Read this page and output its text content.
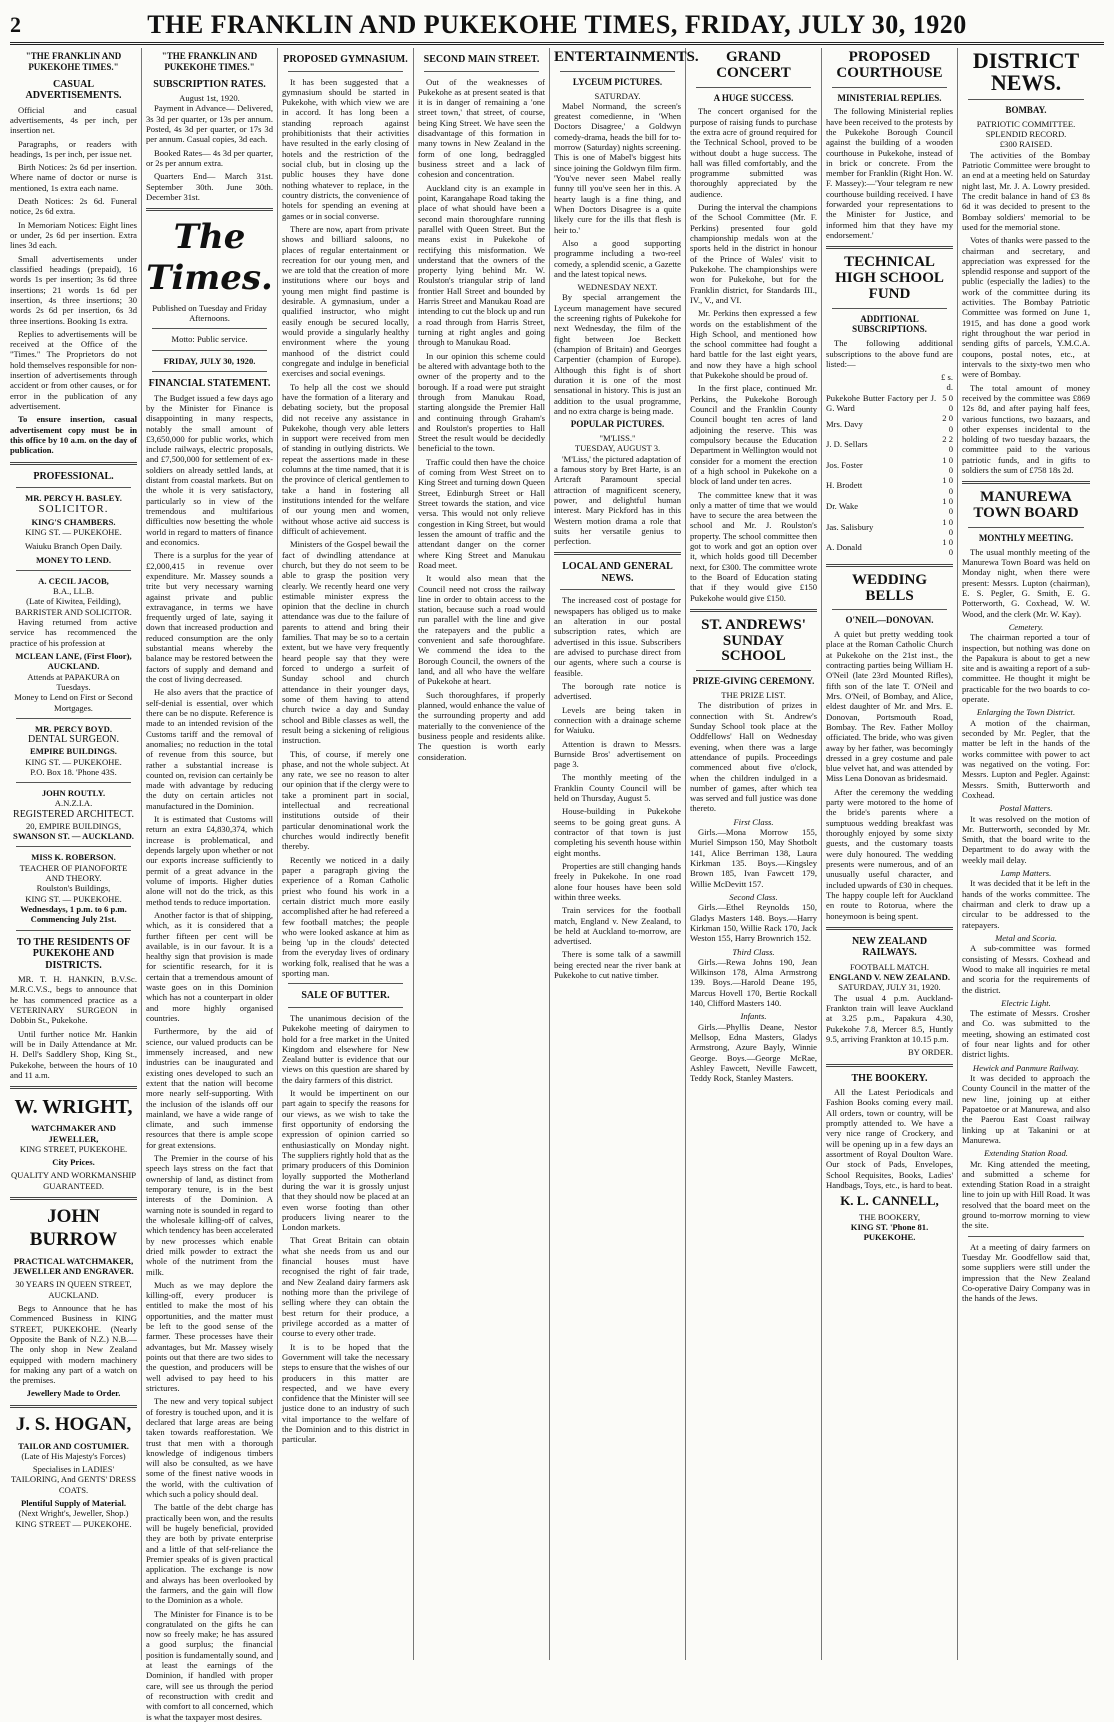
2	THE FRANKLIN AND PUKEKOHE TIMES, FRIDAY, JULY 30, 1920
"THE FRANKLIN AND PUKEKOHE TIMES."
CASUAL ADVERTISEMENTS.

Official and casual advertisements, 4s per inch, per insertion net.

Paragraphs, or readers with headings, 1s per inch, per issue net.

Birth Notices: 2s 6d per insertion. Where name of doctor or nurse is mentioned, 1s extra each name.

Death Notices: 2s 6d. Funeral notice, 2s 6d extra.

In Memoriam Notices: Eight lines or under, 2s 6d per insertion. Extra lines 3d each.

Small advertisements under classified headings (prepaid), 16 words 1s per insertion; 3s 6d three insertions; 21 words 1s 6d per insertion, 4s three insertions; 30 words 2s 6d per insertion, 6s 3d three insertions. Booking 1s extra.

Replies to advertisements will be received at the Office of the "Times." The Proprietors do not hold themselves responsible for non-insertion of advertisements through accident or from other causes, or for error in the publication of any advertisement.

To ensure insertion, casual advertisement copy must be in this office by 10 a.m. on the day of publication.

PROFESSIONAL.
MR. PERCY H. BASLEY.
SOLICITOR.
KING'S CHAMBERS.
KING ST. — PUKEKOHE.
Waiuku Branch Open Daily.
MONEY TO LEND.
A. CECIL JACOB,
B.A., LL.B.
(Late of Kiwitea, Feilding),
BARRISTER AND SOLICITOR.
Having returned from active service has recommenced the practice of his profession at
MCLEAN LANE, (First Floor), AUCKLAND.
Attends at PAPAKURA on Tuesdays.
Money to Lend on First or Second Mortgages.
MR. PERCY BOYD.
DENTAL SURGEON.
EMPIRE BUILDINGS.
KING ST. — PUKEKOHE.
P.O. Box 18. 'Phone 43S.
JOHN ROUTLY.
A.N.Z.I.A.
REGISTERED ARCHITECT.
20, EMPIRE BUILDINGS,
SWANSON ST. — AUCKLAND.
MISS K. ROBERSON.
TEACHER OF PIANOFORTE AND THEORY.
Roulston's Buildings,
KING ST. — PUKEKOHE.
Wednesdays, 1 p.m. to 6 p.m. Commencing July 21st.
TO THE RESIDENTS OF PUKEKOHE AND DISTRICTS.

MR. T. H. HANKIN, B.V.Sc. M.R.C.V.S., begs to announce that he has commenced practice as a VETERINARY SURGEON in Dobbin St., Pukekohe.

Until further notice Mr. Hankin will be in Daily Attendance at Mr. H. Dell's Saddlery Shop, King St., Pukekohe, between the hours of 10 and 11 a.m.

W. WRIGHT,
WATCHMAKER AND JEWELLER,
KING STREET, PUKEKOHE.
City Prices.
QUALITY AND WORKMANSHIP GUARANTEED.
JOHN BURROW
PRACTICAL WATCHMAKER, JEWELLER AND ENGRAVER.
30 YEARS IN QUEEN STREET, AUCKLAND.
Begs to Announce that he has Commenced Business in KING STREET, PUKEKOHE. (Nearly Opposite the Bank of N.Z.) N.B.—The only shop in New Zealand equipped with modern machinery for making any part of a watch on the premises.
Jewellery Made to Order.
J. S. HOGAN,
TAILOR AND COSTUMIER.
(Late of His Majesty's Forces)
Specialises in LADIES' TAILORING, And GENTS' DRESS COATS.
Plentiful Supply of Material.
(Next Wright's, Jeweller, Shop.) KING STREET — PUKEKOHE.
"THE FRANKLIN AND PUKEKOHE TIMES."
SUBSCRIPTION RATES.
August 1st, 1920.

Payment in Advance— Delivered, 3s 3d per quarter, or 13s per annum. Posted, 4s 3d per quarter, or 17s 3d per annum. Casual copies, 3d each.

Booked Rates— 4s 3d per quarter, or 2s per annum extra.

Quarters End— March 31st. September 30th. June 30th. December 31st.

The Times.
Published on Tuesday and Friday Afternoons.
Motto: Public service.
FRIDAY, JULY 30, 1920.
FINANCIAL STATEMENT.

The Budget issued a few days ago by the Minister for Finance is disappointing in many respects, notably the small amount of £3,650,000 for public works, which include railways, electric proposals, and £7,500,000 for settlement of ex-soldiers on already settled lands, at distant from coastal markets. But on the whole it is very satisfactory, particularly so in view of the tremendous and multifarious difficulties now besetting the whole world in regard to matters of finance and economics.

There is a surplus for the year of £2,000,415 in revenue over expenditure. Mr. Massey sounds a trite but very necessary warning against private and public extravagance, in terms we have frequently urged of late, saying it down that increased production and reduced consumption are the only substantial means whereby the balance may be restored between the factors of supply and demand and the cost of living decreased.

He also avers that the practice of self-denial is essential, over which there can be no dispute. Reference is made to an intended revision of the Customs tariff and the removal of anomalies; no reduction in the total of revenue from this source, but rather a substantial increase is counted on, revision can certainly be made with advantage by reducing the duty on certain articles not manufactured in the Dominion.

It is estimated that Customs will return an extra £4,830,374, which increase is problematical, and depends largely upon whether or not our exports increase sufficiently to permit of a great advance in the volume of imports. Higher duties alone will not do the trick, as this method tends to reduce importation.

Another factor is that of shipping, which, as it is considered that a further fifteen per cent will be available, is in our favour. It is a healthy sign that provision is made for scientific research, for it is certain that a tremendous amount of waste goes on in this Dominion which has not a counterpart in older and more highly organised countries.

Furthermore, by the aid of science, our valued products can be immensely increased, and new industries can be inaugurated and existing ones developed to such an extent that the nation will become more nearly self-supporting. With the inclusion of the islands off our mainland, we have a wide range of climate, and such immense resources that there is ample scope for great extensions.

The Premier in the course of his speech lays stress on the fact that ownership of land, as distinct from temporary tenure, is in the best interests of the Dominion. A warning note is sounded in regard to the wholesale killing-off of calves, which tendency has been accelerated by new processes which enable dried milk powder to extract the whole of the nutriment from the milk.

Much as we may deplore the killing-off, every producer is entitled to make the most of his opportunities, and the matter must be left to the good sense of the farmer. These processes have their advantages, but Mr. Massey wisely points out that there are two sides to the question, and producers will be well advised to pay heed to his strictures.

The new and very topical subject of forestry is touched upon, and it is declared that large areas are being taken towards reafforestation. We trust that men with a thorough knowledge of indigenous timbers will also be consulted, as we have some of the finest native woods in the world, with the cultivation of which such a policy should deal.

The battle of the debt charge has practically been won, and the results will be hugely beneficial, provided they are both by private enterprise and a little of that self-reliance the Premier speaks of is given practical application. The exchange is now and always has been overlooked by the farmers, and the gain will flow to the Dominion as a whole.

The Minister for Finance is to be congratulated on the gifts he can now so freely make; he has assured a good surplus; the financial position is fundamentally sound, and at least the earnings of the Dominion, if handled with proper care, will see us through the period of reconstruction with credit and with comfort to all concerned, which is what the taxpayer most desires.

PROPOSED GYMNASIUM.

It has been suggested that a gymnasium should be started in Pukekohe, with which view we are in accord. It has long been a standing reproach against prohibitionists that their activities have resulted in the early closing of hotels and the restriction of the social club, but in closing up the public houses they have done nothing whatever to replace, in the country districts, the convenience of hotels for spending an evening at games or in social converse.

There are now, apart from private shows and billiard saloons, no places of regular entertainment or recreation for our young men, and we are told that the creation of more institutions where our boys and young men might find pastime is desirable. A gymnasium, under a qualified instructor, who might easily enough be secured locally, would provide a singularly healthy environment where the young manhood of the district could congregate and indulge in beneficial exercises and social evenings.

To help all the cost we should have the formation of a literary and debating society, but the proposal did not receive any assistance in Pukekohe, though very able letters in support were received from men of standing in outlying districts. We repeat the assertions made in these columns at the time named, that it is the province of clerical gentlemen to take a hand in fostering all institutions intended for the welfare of our young men and women, without whose active aid success is difficult of achievement.

Ministers of the Gospel bewail the fact of dwindling attendance at church, but they do not seem to be able to grasp the position very clearly. We recently heard one very estimable minister express the opinion that the decline in church attendance was due to the failure of parents to attend and bring their families. That may be so to a certain extent, but we have very frequently heard people say that they were forced to undergo a surfeit of Sunday school and church attendance in their younger days, some of them having to attend church twice a day and Sunday school and Bible classes as well, the result being a sickening of religious instruction.

This, of course, if merely one phase, and not the whole subject. At any rate, we see no reason to alter our opinion that if the clergy were to take a prominent part in social, intellectual and recreational institutions outside of their particular denominational work the churches would indirectly benefit thereby.

Recently we noticed in a daily paper a paragraph giving the experience of a Roman Catholic priest who found his work in a certain district much more easily accomplished after he had refereed a few football matches; the people who were looked askance at him as being 'up in the clouds' detected from the everyday lives of ordinary working folk, realised that he was a sporting man.

SALE OF BUTTER.

The unanimous decision of the Pukekohe meeting of dairymen to hold for a free market in the United Kingdom and elsewhere for New Zealand butter is evidence that our views on this question are shared by the dairy farmers of this district.

It would be impertinent on our part again to specify the reasons for our views, as we wish to take the first opportunity of endorsing the expression of opinion carried so enthusiastically on Monday night. The suppliers rightly hold that as the primary producers of this Dominion loyally supported the Motherland during the war it is grossly unjust that they should now be placed at an even worse footing than other producers living nearer to the London markets.

That Great Britain can obtain what she needs from us and our financial houses must have recognised the right of fair trade, and New Zealand dairy farmers ask nothing more than the privilege of selling where they can obtain the best return for their produce, a privilege accorded as a matter of course to every other trade.

It is to be hoped that the Government will take the necessary steps to ensure that the wishes of our producers in this matter are respected, and we have every confidence that the Minister will see justice done to an industry of such vital importance to the welfare of the Dominion and to this district in particular.

SECOND MAIN STREET.

Out of the weaknesses of Pukekohe as at present seated is that it is in danger of remaining a 'one street town,' that street, of course, being King Street. We have seen the disadvantage of this formation in many towns in New Zealand in the form of one long, bedraggled business street and a lack of cohesion and concentration.

Auckland city is an example in point, Karangahape Road taking the place of what should have been a second main thoroughfare running parallel with Queen Street. But the means exist in Pukekohe of rectifying this misformation. We understand that the owners of the property lying behind Mr. W. Roulston's triangular strip of land frontier Hall Street and bounded by Harris Street and Manukau Road are intending to cut the block up and run a road through from Harris Street, turning at right angles and going through to Manukau Road.

In our opinion this scheme could be altered with advantage both to the owner of the property and to the borough. If a road were put straight through from Manukau Road, starting alongside the Premier Hall and continuing through Graham's and Roulston's properties to Hall Street the result would be decidedly beneficial to the town.

Traffic could then have the choice of coming from West Street on to King Street and turning down Queen Street, Edinburgh Street or Hall Street towards the station, and vice versa. This would not only relieve congestion in King Street, but would lessen the amount of traffic and the attendant danger on the corner where King Street and Manukau Road meet.

It would also mean that the Council need not cross the railway line in order to obtain access to the station, because such a road would run parallel with the line and give the ratepayers and the public a convenient and safe thoroughfare. We commend the idea to the Borough Council, the owners of the land, and all who have the welfare of Pukekohe at heart.

Such thoroughfares, if properly planned, would enhance the value of the surrounding property and add materially to the convenience of the business people and residents alike. The question is worth early consideration.

ENTERTAINMENTS.
LYCEUM PICTURES.
SATURDAY.

Mabel Normand, the screen's greatest comedienne, in 'When Doctors Disagree,' a Goldwyn comedy-drama, heads the bill for to-morrow (Saturday) nights screening. This is one of Mabel's biggest hits since joining the Goldwyn film firm. 'You've never seen Mabel really funny till you've seen her in this. A hearty laugh is a fine thing, and When Doctors Disagree is a quite likely cure for the ills that flesh is heir to.'

Also a good supporting programme including a two-reel comedy, a splendid scenic, a Gazette and the latest topical news.

WEDNESDAY NEXT.

By special arrangement the Lyceum management have secured the screening rights of Pukekohe for next Wednesday, the film of the fight between Joe Beckett (champion of Britain) and Georges Carpentier (champion of Europe). Although this fight is of short duration it is one of the most sensational in history. This is just an addition to the usual programme, and no extra charge is being made.

POPULAR PICTURES.
"M'LISS."
TUESDAY, AUGUST 3.

'M'Liss,' the pictured adaptation of a famous story by Bret Harte, is an Artcraft Paramount special attraction of magnificent scenery, power, and delightful human interest. Mary Pickford has in this Western motion drama a role that suits her versatile genius to perfection.

LOCAL AND GENERAL NEWS.

The increased cost of postage for newspapers has obliged us to make an alteration in our postal subscription rates, which are advertised in this issue. Subscribers are advised to purchase direct from our agents, where such a course is feasible.

The borough rate notice is advertised.

Levels are being taken in connection with a drainage scheme for Waiuku.

Attention is drawn to Messrs. Burnside Bros' advertisement on page 3.

The monthly meeting of the Franklin County Council will be held on Thursday, August 5.

House-building in Pukekohe seems to be going great guns. A contractor of that town is just completing his seventh house within eight months.

Properties are still changing hands freely in Pukekohe. In one road alone four houses have been sold within three weeks.

Train services for the football match, England v. New Zealand, to be held at Auckland to-morrow, are advertised.

There is some talk of a sawmill being erected near the river bank at Pukekohe to cut native timber.

GRAND CONCERT
A HUGE SUCCESS.

The concert organised for the purpose of raising funds to purchase the extra acre of ground required for the Technical School, proved to be without doubt a huge success. The hall was filled comfortably, and the programme submitted was thoroughly appreciated by the audience.

During the interval the champions of the School Committee (Mr. F. Perkins) presented four gold championship medals won at the sports held in the district in honour of the Prince of Wales' visit to Pukekohe. The championships were won for Pukekohe, but for the Franklin district, for Standards III., IV., V., and VI.

Mr. Perkins then expressed a few words on the establishment of the High School, and mentioned how the school committee had fought a hard battle for the last eight years, and now they have a high school that Pukekohe should be proud of.

In the first place, continued Mr. Perkins, the Pukekohe Borough Council and the Franklin County Council bought ten acres of land adjoining the reserve. This was compulsory because the Education Department in Wellington would not consider for a moment the erection of a high school in Pukekohe on a block of land under ten acres.

The committee knew that it was only a matter of time that we would have to secure the area between the school and Mr. J. Roulston's property. The school committee then got to work and got an option over it, which holds good till December next, for £300. The committee wrote to the Board of Education stating that if they would give £150 Pukekohe would give £150.

ST. ANDREWS' SUNDAY SCHOOL
PRIZE-GIVING CEREMONY.
THE PRIZE LIST.

The distribution of prizes in connection with St. Andrew's Sunday School took place at the Oddfellows' Hall on Wednesday evening, when there was a large attendance of pupils. Proceedings commenced about five o'clock, when the children indulged in a number of games, after which tea was served and full justice was done thereto.

First Class.

Girls.—Mona Morrow 155, Muriel Simpson 150, May Shotbolt 141, Alice Berriman 138, Laura Kirkman 135. Boys.—Kingsley Brown 185, Ivan Fawcett 179, Willie McDevitt 157.

Second Class.

Girls.—Ethel Reynolds 150, Gladys Masters 148. Boys.—Harry Kirkman 150, Willie Rack 170, Jack Weston 155, Harry Brownrich 152.

Third Class.

Girls.—Rewa Johns 190, Jean Wilkinson 178, Alma Armstrong 139. Boys.—Harold Deane 195, Marcus Hovell 170, Bertie Rockall 140, Clifford Masters 140.

Infants.

Girls.—Phyllis Deane, Nestor Mellsop, Edna Masters, Gladys Armstrong, Azure Bayly, Winnie George. Boys.—George McRae, Ashley Fawcett, Neville Fawcett, Teddy Rock, Stanley Masters.

PROPOSED COURTHOUSE
MINISTERIAL REPLIES.

The following Ministerial replies have been received to the protests by the Pukekohe Borough Council against the building of a wooden courthouse in Pukekohe, instead of in brick or concrete. From the member for Franklin (Right Hon. W. F. Massey):—'Your telegram re new courthouse building received. I have forwarded your representations to the Minister for Justice, and informed him that they have my endorsement.'

TECHNICAL HIGH SCHOOL FUND
ADDITIONAL SUBSCRIPTIONS.

The following additional subscriptions to the above fund are listed:—

	£ s. d.
Pukekohe Butter Factory per J. G. Ward	5 0 0
Mrs. Davy	2 0 0
J. D. Sellars	2 2 0
Jos. Foster	1 0 0
H. Brodett	1 0 0
Dr. Wake	1 0 0
Jas. Salisbury	1 0 0
A. Donald	1 0 0
WEDDING BELLS
O'NEIL—DONOVAN.

A quiet but pretty wedding took place at the Roman Catholic Church at Pukekohe on the 21st inst., the contracting parties being William H. O'Neil (late 23rd Mounted Rifles), fifth son of the late T. O'Neil and Mrs. O'Neil, of Bombay, and Alice, eldest daughter of Mr. and Mrs. E. Donovan, Portsmouth Road, Bombay. The Rev. Father Molloy officiated. The bride, who was given away by her father, was becomingly dressed in a grey costume and pale blue velvet hat, and was attended by Miss Lena Donovan as bridesmaid.

After the ceremony the wedding party were motored to the home of the bride's parents where a sumptuous wedding breakfast was thoroughly enjoyed by some sixty guests, and the customary toasts were duly honoured. The wedding presents were numerous, and of an unusually useful character, and included upwards of £30 in cheques. The happy couple left for Auckland en route to Rotorua, where the honeymoon is being spent.

NEW ZEALAND RAILWAYS.
FOOTBALL MATCH.
ENGLAND V. NEW ZEALAND.
SATURDAY, JULY 31, 1920.

The usual 4 p.m. Auckland-Frankton train will leave Auckland at 3.25 p.m., Papakura 4.30, Pukekohe 7.8, Mercer 8.5, Huntly 9.5, arriving Frankton at 10.15 p.m.

BY ORDER.
THE BOOKERY.

All the Latest Periodicals and Fashion Books coming every mail. All orders, town or country, will be promptly attended to. We have a very nice range of Crockery, and will be opening up in a few days an assortment of Royal Doulton Ware. Our stock of Pads, Envelopes, School Requisites, Books, Ladies' Handbags, Toys, etc., is hard to beat.

K. L. CANNELL,
THE BOOKERY,
KING ST. 'Phone 81. PUKEKOHE.
DISTRICT NEWS.
BOMBAY.
PATRIOTIC COMMITTEE.
SPLENDID RECORD.
£300 RAISED.

The activities of the Bombay Patriotic Committee were brought to an end at a meeting held on Saturday night last, Mr. J. A. Lowry presided. The credit balance in hand of £3 8s 6d it was decided to present to the Bombay soldiers' memorial to be used for the memorial stone.

Votes of thanks were passed to the chairman and secretary, and appreciation was expressed for the splendid response and support of the public (especially the ladies) to the work of the committee during its activities. The Bombay Patriotic Committee was formed on June 1, 1915, and has done a good work right throughout the war period in sending gifts of parcels, Y.M.C.A. coupons, postal notes, etc., at intervals to the sixty-two men who were of Bombay.

The total amount of money received by the committee was £869 12s 8d, and after paying half fees, various functions, two bazaars, and other expenses incidental to the holding of two tuesday bazaars, the committee paid to the various patriotic funds, and in gifts to soldiers the sum of £758 18s 2d.

MANUREWA TOWN BOARD
MONTHLY MEETING.

The usual monthly meeting of the Manurewa Town Board was held on Monday night, when there were present: Messrs. Lupton (chairman), E. S. Pegler, G. Smith, E. G. Potterworth, G. Coxhead, W. W. Wood, and the clerk (Mr. W. Kay).

Cemetery.

The chairman reported a tour of inspection, but nothing was done on the Papakura is about to get a new site and is awaiting a report of a sub-committee. He thought it might be practicable for the two boards to co-operate.

Enlarging the Town District.

A motion of the chairman, seconded by Mr. Pegler, that the matter be left in the hands of the works committee with power to act was negatived on the voting. For: Messrs. Lupton and Pegler. Against: Messrs. Smith, Butterworth and Coxhead.

Postal Matters.

It was resolved on the motion of Mr. Butterworth, seconded by Mr. Smith, that the board write to the Department to do away with the weekly mail delay.

Lamp Matters.

It was decided that it be left in the hands of the works committee. The chairman and clerk to draw up a circular to be addressed to the ratepayers.

Metal and Scoria.

A sub-committee was formed consisting of Messrs. Coxhead and Wood to make all inquiries re metal and scoria for the requirements of the district.

Electric Light.

The estimate of Messrs. Crosher and Co. was submitted to the meeting, showing an estimated cost of four near lights and for other district lights.

Hewick and Panmure Railway.

It was decided to approach the County Council in the matter of the new line, joining up at either Papatoetoe or at Manurewa, and also the Paerou East Coast railway linking up at Takanini or at Manurewa.

Extending Station Road.

Mr. King attended the meeting, and submitted a scheme for extending Station Road in a straight line to join up with Hill Road. It was resolved that the board meet on the ground to-morrow morning to view the site.

At a meeting of dairy farmers on Tuesday Mr. Goodfellow said that, some suppliers were still under the impression that the New Zealand Co-operative Dairy Company was in the hands of the Jews.
